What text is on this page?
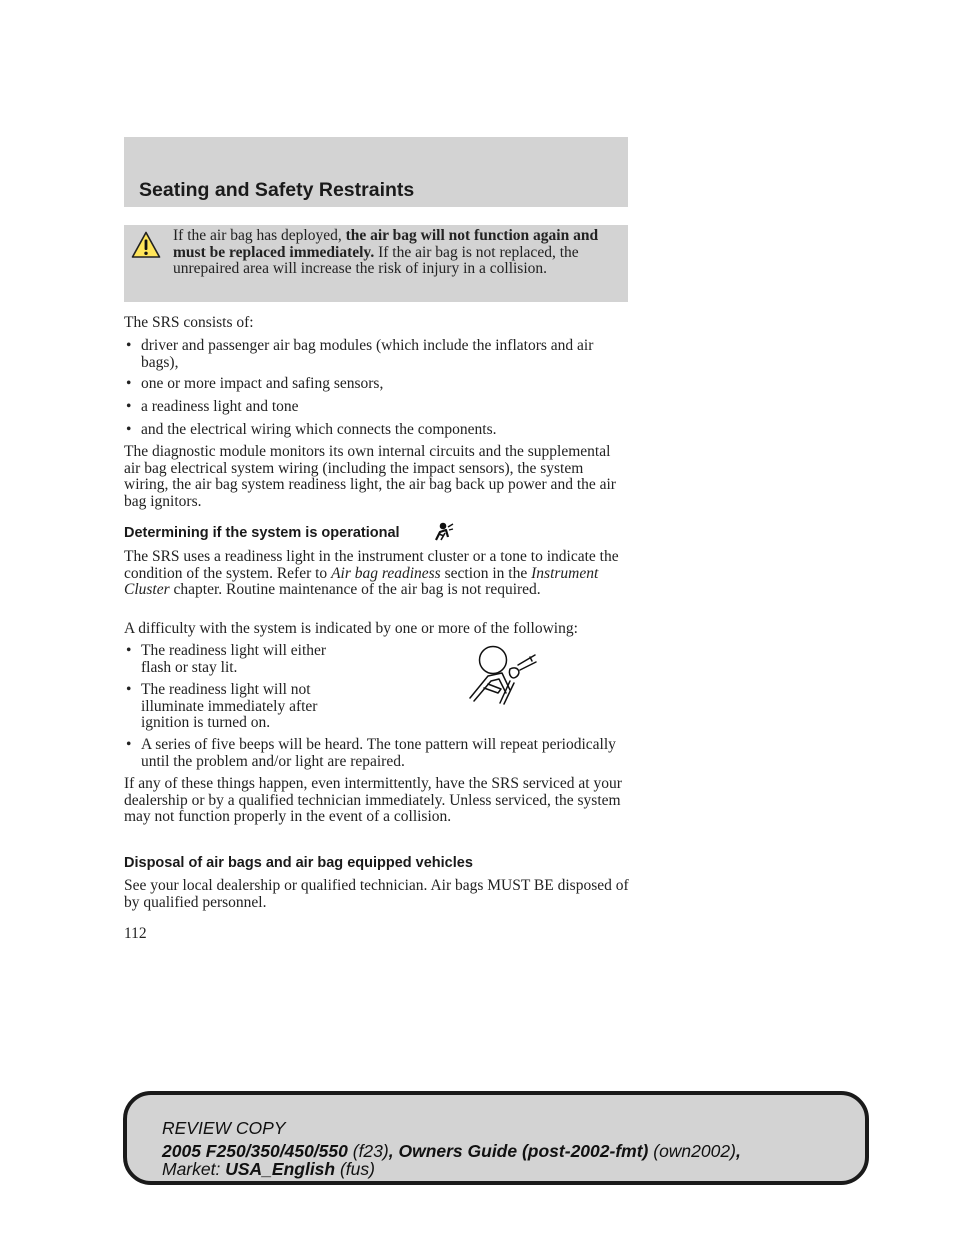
Seating and Safety Restraints
If the air bag has deployed, the air bag will not function again and must be replaced immediately. If the air bag is not replaced, the unrepaired area will increase the risk of injury in a collision.

The SRS consists of:

• driver and passenger air bag modules (which include the inflators and air bags),
• one or more impact and safing sensors,
• a readiness light and tone
• and the electrical wiring which connects the components.

The diagnostic module monitors its own internal circuits and the supplemental air bag electrical system wiring (including the impact sensors), the system wiring, the air bag system readiness light, the air bag back up power and the air bag ignitors.

Determining if the system is operational

The SRS uses a readiness light in the instrument cluster or a tone to indicate the condition of the system. Refer to Air bag readiness section in the Instrument Cluster chapter. Routine maintenance of the air bag is not required.

A difficulty with the system is indicated by one or more of the following:

• The readiness light will either flash or stay lit.
• The readiness light will not illuminate immediately after ignition is turned on.
• A series of five beeps will be heard. The tone pattern will repeat periodically until the problem and/or light are repaired.

If any of these things happen, even intermittently, have the SRS serviced at your dealership or by a qualified technician immediately. Unless serviced, the system may not function properly in the event of a collision.

Disposal of air bags and air bag equipped vehicles

See your local dealership or qualified technician. Air bags MUST BE disposed of by qualified personnel.

112
REVIEW COPY
2005 F250/350/450/550 (f23), Owners Guide (post-2002-fmt) (own2002),
Market: USA_English (fus)
